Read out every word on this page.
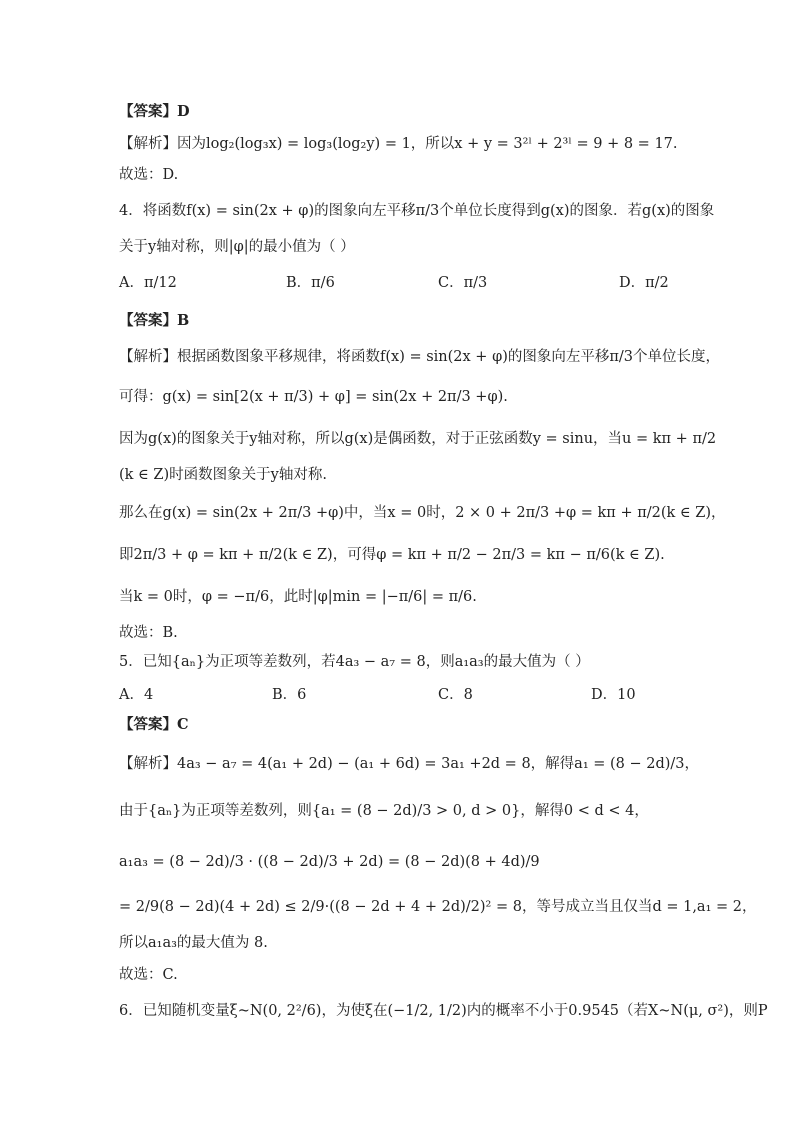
【答案】D
【解析】因为log₂(log₃x) = log₃(log₂y) = 1，所以x + y = 3²ˡ + 2³ˡ = 9 + 8 = 17.
故选：D.
4．将函数f(x) = sin(2x + φ)的图象向左平移π/3个单位长度得到g(x)的图象．若g(x)的图象
关于y轴对称，则|φ|的最小值为（ ）
A．π/12	B．π/6	C．π/3	D．π/2
【答案】B
【解析】根据函数图象平移规律，将函数f(x) = sin(2x + φ)的图象向左平移π/3个单位长度，
可得：g(x) = sin[2(x + π/3) + φ] = sin(2x + 2π/3 +φ).
因为g(x)的图象关于y轴对称，所以g(x)是偶函数，对于正弦函数y = sinu，当u = kπ + π/2
(k ∈ Z)时函数图象关于y轴对称.
那么在g(x) = sin(2x + 2π/3 +φ)中，当x = 0时，2 × 0 + 2π/3 +φ = kπ + π/2(k ∈ Z)，
即2π/3 + φ = kπ + π/2(k ∈ Z)，可得φ = kπ + π/2 − 2π/3 = kπ − π/6(k ∈ Z).
当k = 0时，φ = −π/6，此时|φ|min = |−π/6| = π/6.
故选：B.
5．已知{aₙ}为正项等差数列，若4a₃ − a₇ = 8，则a₁a₃的最大值为（ ）
A．4	B．6	C．8	D．10
【答案】C
【解析】4a₃ − a₇ = 4(a₁ + 2d) − (a₁ + 6d) = 3a₁ +2d = 8，解得a₁ = (8 − 2d)/3，
由于{aₙ}为正项等差数列，则{a₁ = (8 − 2d)/3 > 0, d > 0}，解得0 < d < 4，
a₁a₃ = (8 − 2d)/3 · ((8 − 2d)/3 + 2d) = (8 − 2d)(8 + 4d)/9
= 2/9(8 − 2d)(4 + 2d) ≤ 2/9·((8 − 2d + 4 + 2d)/2)² = 8，等号成立当且仅当d = 1,a₁ = 2，
所以a₁a₃的最大值为 8.
故选：C.
6．已知随机变量ξ~N(0, 2²/6)，为使ξ在(−1/2, 1/2)内的概率不小于0.9545（若X~N(μ, σ²)，则P
